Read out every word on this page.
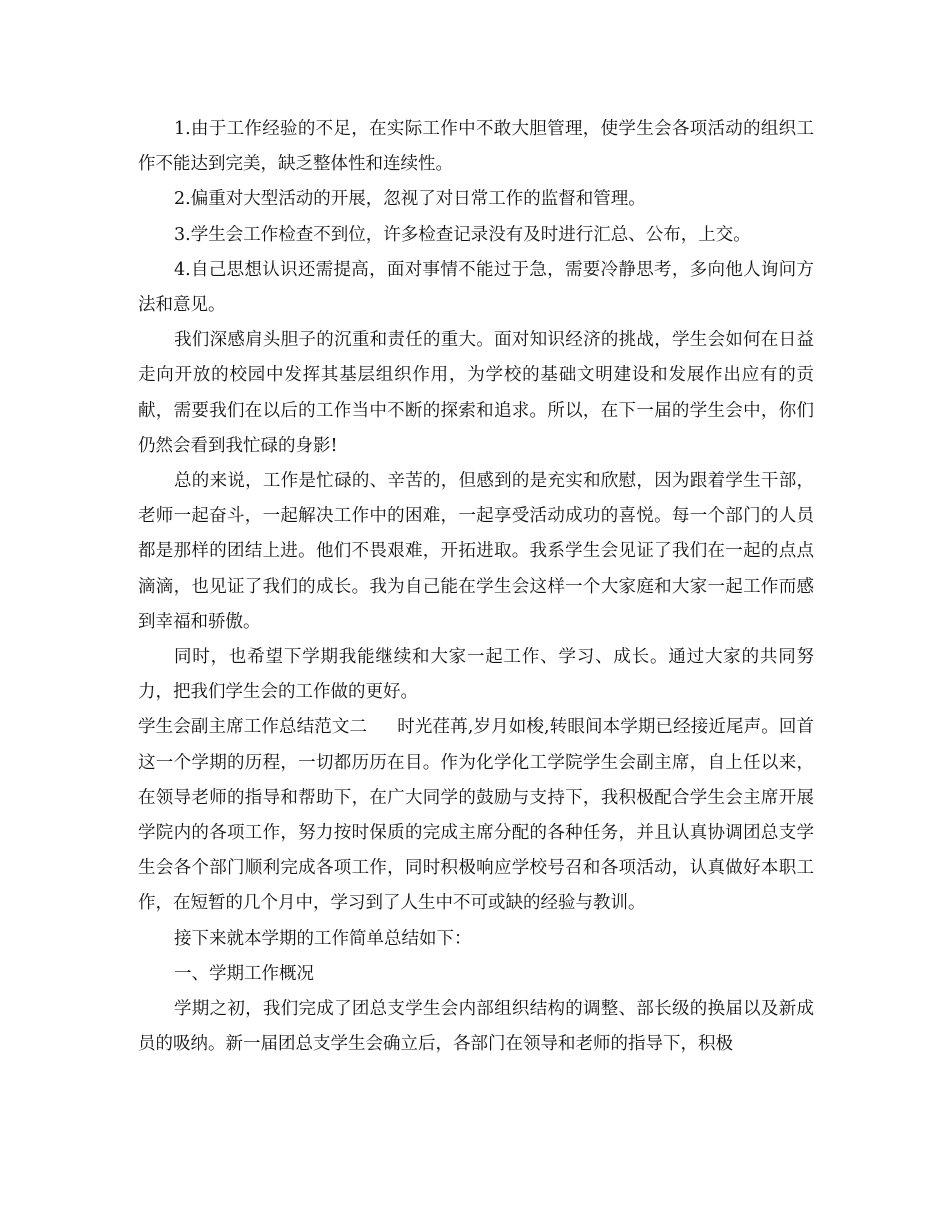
1.由于工作经验的不足，在实际工作中不敢大胆管理，使学生会各项活动的组织工作不能达到完美，缺乏整体性和连续性。

2.偏重对大型活动的开展，忽视了对日常工作的监督和管理。

3.学生会工作检查不到位，许多检查记录没有及时进行汇总、公布，上交。

4.自己思想认识还需提高，面对事情不能过于急，需要冷静思考，多向他人询问方法和意见。

我们深感肩头胆子的沉重和责任的重大。面对知识经济的挑战，学生会如何在日益走向开放的校园中发挥其基层组织作用，为学校的基础文明建设和发展作出应有的贡献，需要我们在以后的工作当中不断的探索和追求。所以，在下一届的学生会中，你们仍然会看到我忙碌的身影!

总的来说，工作是忙碌的、辛苦的，但感到的是充实和欣慰，因为跟着学生干部，老师一起奋斗，一起解决工作中的困难，一起享受活动成功的喜悦。每一个部门的人员都是那样的团结上进。他们不畏艰难，开拓进取。我系学生会见证了我们在一起的点点滴滴，也见证了我们的成长。我为自己能在学生会这样一个大家庭和大家一起工作而感到幸福和骄傲。

同时，也希望下学期我能继续和大家一起工作、学习、成长。通过大家的共同努力，把我们学生会的工作做的更好。

学生会副主席工作总结范文二 时光荏苒,岁月如梭,转眼间本学期已经接近尾声。回首这一个学期的历程，一切都历历在目。作为化学化工学院学生会副主席，自上任以来，在领导老师的指导和帮助下，在广大同学的鼓励与支持下，我积极配合学生会主席开展学院内的各项工作，努力按时保质的完成主席分配的各种任务，并且认真协调团总支学生会各个部门顺利完成各项工作，同时积极响应学校号召和各项活动，认真做好本职工作，在短暂的几个月中，学习到了人生中不可或缺的经验与教训。

接下来就本学期的工作简单总结如下：

一、学期工作概况

学期之初，我们完成了团总支学生会内部组织结构的调整、部长级的换届以及新成员的吸纳。新一届团总支学生会确立后，各部门在领导和老师的指导下，积极
